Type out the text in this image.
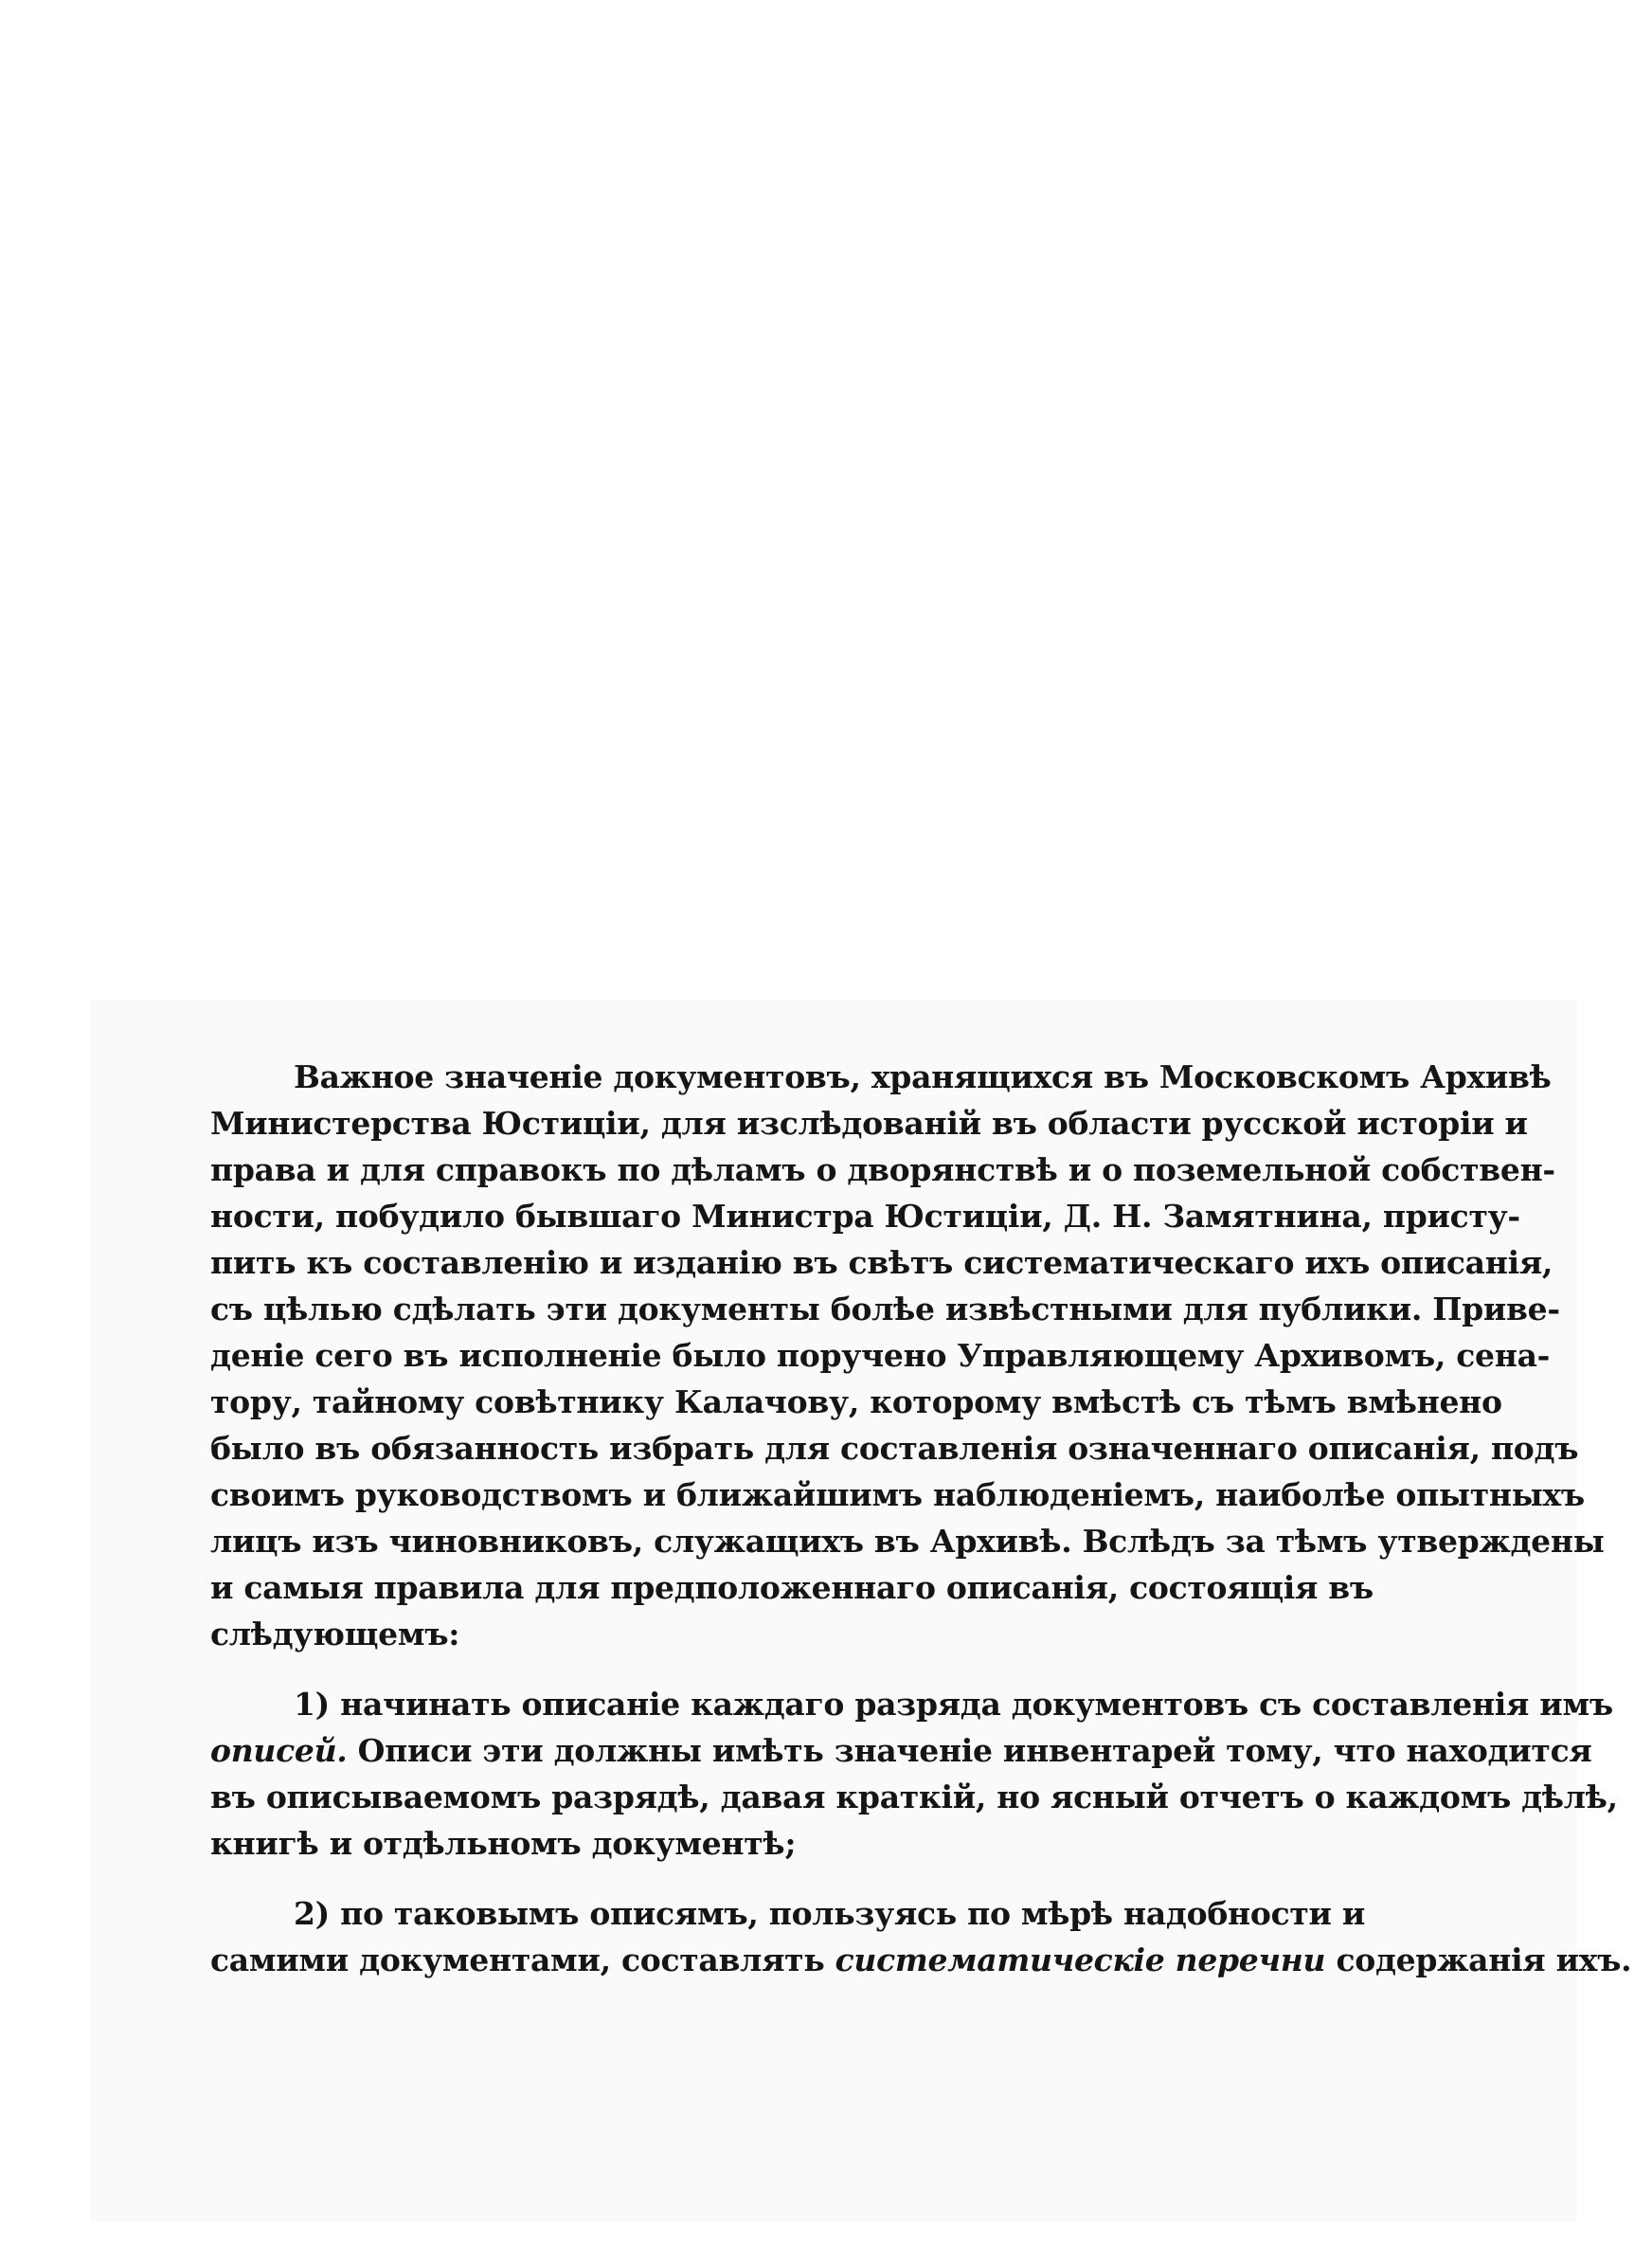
Важное значенiе документовъ, хранящихся въ Московскомъ Архивѣ
Министерства Юстицiи, для изслѣдованiй въ области русской исторiи и
права и для справокъ по дѣламъ о дворянствѣ и о поземельной собствен-
ности, побудило бывшаго Министра Юстицiи, Д. Н. Замятнина, присту-
пить къ составленiю и изданiю въ свѣтъ систематическаго ихъ описанiя,
съ цѣлью сдѣлать эти документы болѣе извѣстными для публики. Приве-
денiе сего въ исполненiе было поручено Управляющему Архивомъ, сена-
тору, тайному совѣтнику Калачову, которому вмѣстѣ съ тѣмъ вмѣнено
было въ обязанность избрать для составленiя означеннаго описанiя, подъ
своимъ руководствомъ и ближайшимъ наблюденiемъ, наиболѣе опытныхъ
лицъ изъ чиновниковъ, служащихъ въ Архивѣ. Вслѣдъ за тѣмъ утверждены
и самыя правила для предположеннаго описанiя, состоящiя въ
слѣдующемъ:
1) начинать описанiе каждаго разряда документовъ съ составленiя имъ
описей. Описи эти должны имѣть значенiе инвентарей тому, что находится
въ описываемомъ разрядѣ, давая краткiй, но ясный отчетъ о каждомъ дѣлѣ,
книгѣ и отдѣльномъ документѣ;
2) по таковымъ описямъ, пользуясь по мѣрѣ надобности и
самими документами, составлять систематическiе перечни содержанiя ихъ.
